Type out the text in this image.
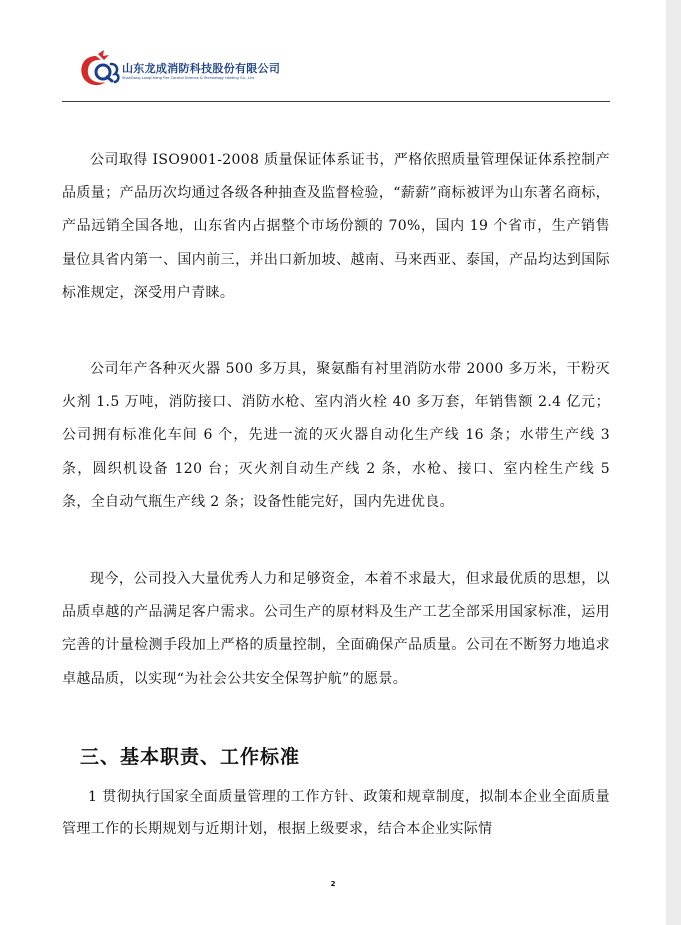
山东龙成消防科技股份有限公司
ShanDong LongCheng Fire Control Science & Technology Holding Co., Ltd.

公司取得 ISO9001-2008 质量保证体系证书，严格依照质量管理保证体系控制产品质量；产品历次均通过各级各种抽查及监督检验，“薪薪”商标被评为山东著名商标，产品远销全国各地，山东省内占据整个市场份额的 70%，国内 19 个省市，生产销售量位具省内第一、国内前三，并出口新加坡、越南、马来西亚、泰国，产品均达到国际标准规定，深受用户青睐。

公司年产各种灭火器 500 多万具，聚氨酯有衬里消防水带 2000 多万米，干粉灭火剂 1.5 万吨，消防接口、消防水枪、室内消火栓 40 多万套，年销售额 2.4 亿元；公司拥有标准化车间 6 个，先进一流的灭火器自动化生产线 16 条；水带生产线 3 条，圆织机设备 120 台；灭火剂自动生产线 2 条，水枪、接口、室内栓生产线 5 条，全自动气瓶生产线 2 条；设备性能完好，国内先进优良。

现今，公司投入大量优秀人力和足够资金，本着不求最大，但求最优质的思想，以品质卓越的产品满足客户需求。公司生产的原材料及生产工艺全部采用国家标准，运用完善的计量检测手段加上严格的质量控制，全面确保产品质量。公司在不断努力地追求卓越品质，以实现“为社会公共安全保驾护航”的愿景。

三、基本职责、工作标准

1 贯彻执行国家全面质量管理的工作方针、政策和规章制度，拟制本企业全面质量管理工作的长期规划与近期计划，根据上级要求，结合本企业实际情

2
